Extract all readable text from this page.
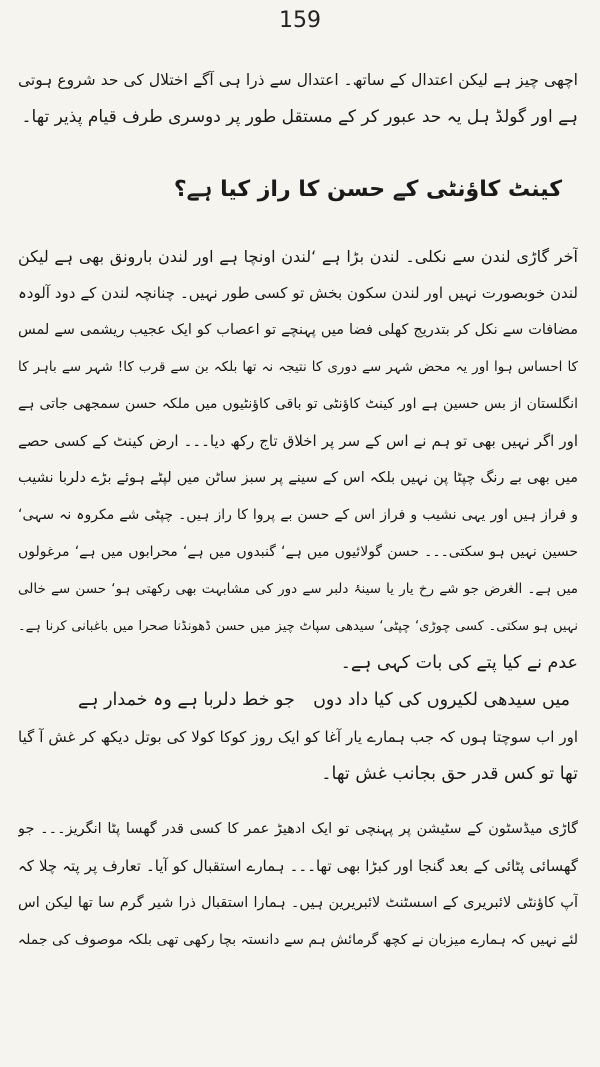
159
اچھی چیز ہے لیکن اعتدال کے ساتھ۔ اعتدال سے ذرا ہی آگے اختلال کی حد شروع ہوتی
ہے اور گولڈ ہل یہ حد عبور کر کے مستقل طور پر دوسری طرف قیام پذیر تھا۔
کینٹ کاؤنٹی کے حسن کا راز کیا ہے؟
آخر گاڑی لندن سے نکلی۔ لندن بڑا ہے ‘لندن اونچا ہے اور لندن بارونق بھی ہے لیکن
لندن خوبصورت نہیں اور لندن سکون بخش تو کسی طور نہیں۔ چنانچہ لندن کے دود آلودہ
مضافات سے نکل کر بتدریج کھلی فضا میں پہنچے تو اعصاب کو ایک عجیب ریشمی سے لمس
کا احساس ہوا اور یہ محض شہر سے دوری کا نتیجہ نہ تھا بلکہ بن سے قرب کا! شہر سے باہر کا
انگلستان از بس حسین ہے اور کینٹ کاؤنٹی تو باقی کاؤنٹیوں میں ملکہ حسن سمجھی جاتی ہے
اور اگر نہیں بھی تو ہم نے اس کے سر پر اخلاق تاج رکھ دیا۔۔۔ ارض کینٹ کے کسی حصے
میں بھی بے رنگ چپٹا پن نہیں بلکہ اس کے سینے پر سبز ساٹن میں لپٹے ہوئے بڑے دلربا نشیب
و فراز ہیں اور یہی نشیب و فراز اس کے حسن بے پروا کا راز ہیں۔ چپٹی شے مکروہ نہ سہی‘
حسین نہیں ہو سکتی۔۔۔ حسن گولائیوں میں ہے‘ گنبدوں میں ہے‘ محرابوں میں ہے‘ مرغولوں
میں ہے۔ الغرض جو شے رخ یار یا سینۂ دلبر سے دور کی مشابہت بھی رکھتی ہو‘ حسن سے خالی
نہیں ہو سکتی۔ کسی چوڑی‘ چپٹی‘ سیدھی سپاٹ چیز میں حسن ڈھونڈنا صحرا میں باغبانی کرنا ہے۔
عدم نے کیا پتے کی بات کہی ہے۔
میں سیدھی لکیروں کی کیا داد دوں
جو خط دلربا ہے وہ خمدار ہے
اور اب سوچتا ہوں کہ جب ہمارے یار آغا کو ایک روز کوکا کولا کی بوتل دیکھ کر غش آ گیا
تھا تو کس قدر حق بجانب غش تھا۔
گاڑی میڈسٹون کے سٹیشن پر پہنچی تو ایک ادھیڑ عمر کا کسی قدر گھسا پٹا انگریز۔۔۔ جو
گھسائی پٹائی کے بعد گنجا اور کبڑا بھی تھا۔۔۔ ہمارے استقبال کو آیا۔ تعارف پر پتہ چلا کہ
آپ کاؤنٹی لائبریری کے اسسٹنٹ لائبریرین ہیں۔ ہمارا استقبال ذرا شیر گرم سا تھا لیکن اس
لئے نہیں کہ ہمارے میزبان نے کچھ گرمائش ہم سے دانستہ بچا رکھی تھی بلکہ موصوف کی جملہ
